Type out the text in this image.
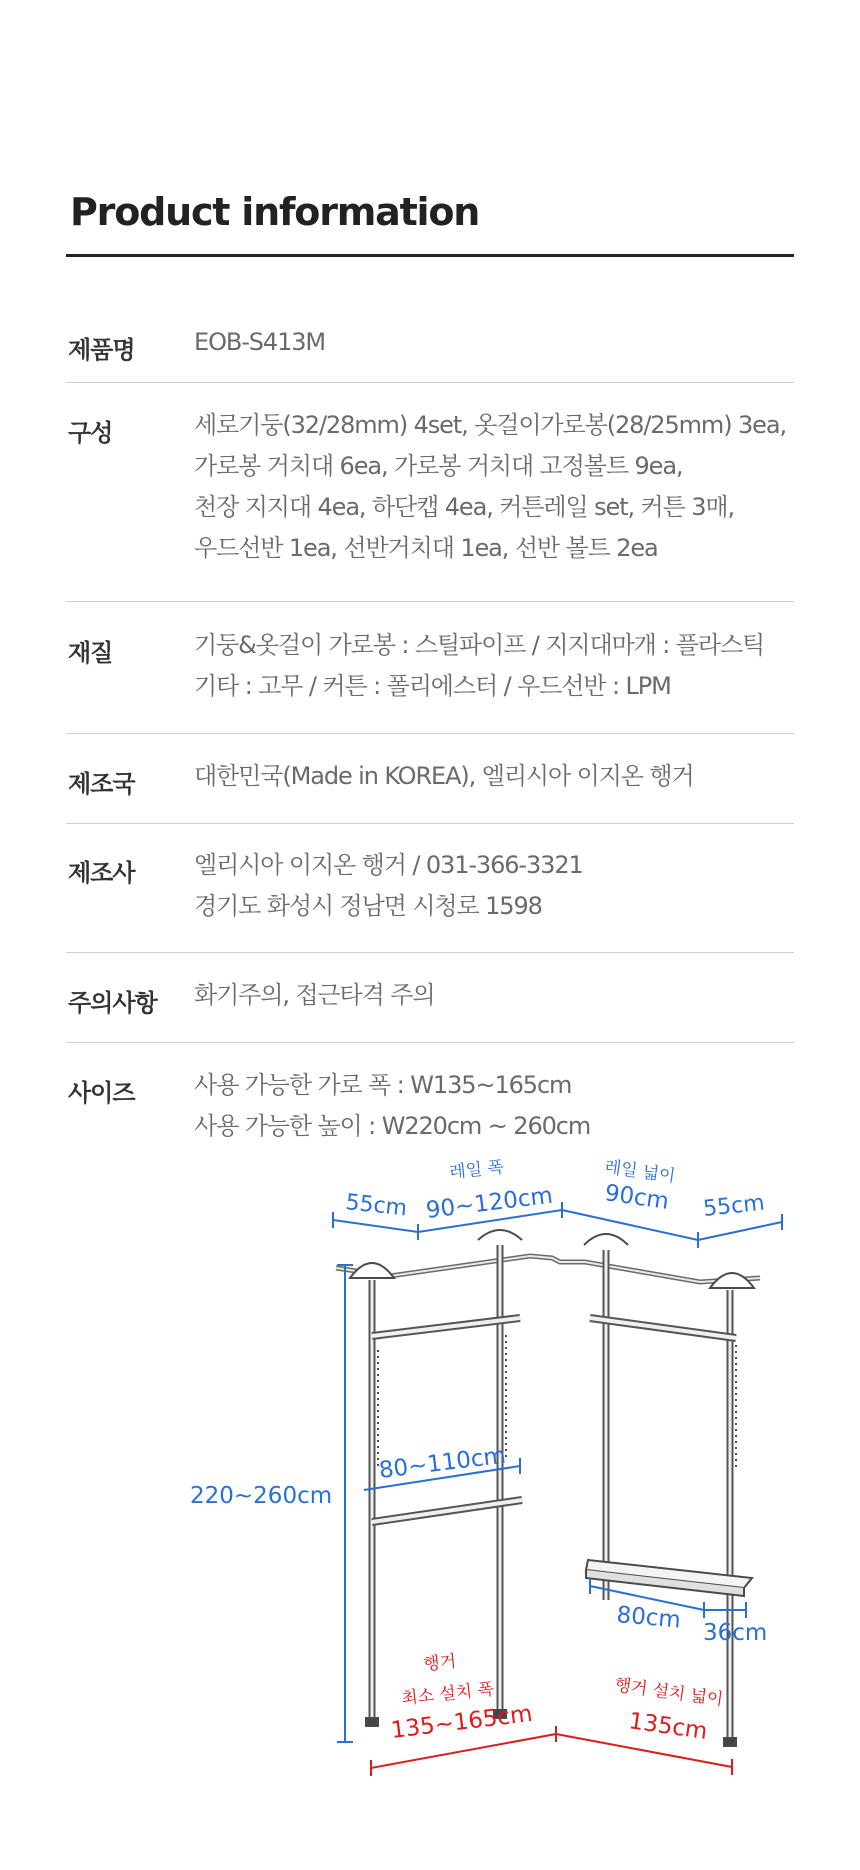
Product information
제품명 EOB-S413M
구성	세로기둥(32/28mm) 4set, 옷걸이가로봉(28/25mm) 3ea,
가로봉 거치대 6ea, 가로봉 거치대 고정볼트 9ea,
천장 지지대 4ea, 하단캡 4ea, 커튼레일 set, 커튼 3매,
우드선반 1ea, 선반거치대 1ea, 선반 볼트 2ea
재질	기둥&옷걸이 가로봉 : 스틸파이프 / 지지대마개 : 플라스틱
기타 : 고무 / 커튼 : 폴리에스터 / 우드선반 : LPM
제조국 대한민국(Made in KOREA), 엘리시아 이지온 행거
제조사 엘리시아 이지온 행거 / 031-366-3321
경기도 화성시 정남면 시청로 1598
주의사항 화기주의, 접근타격 주의
사이즈 사용 가능한 가로 폭 : W135~165cm
사용 가능한 높이 : W220cm ~ 260cm
55cm
레일 폭
90~120cm
레일 넓이
90cm 55cm
80~110cm
220~260cm
80cm 36cm
행거
최소 설치 폭
135~165cm
행거 설치 넓이
135cm
